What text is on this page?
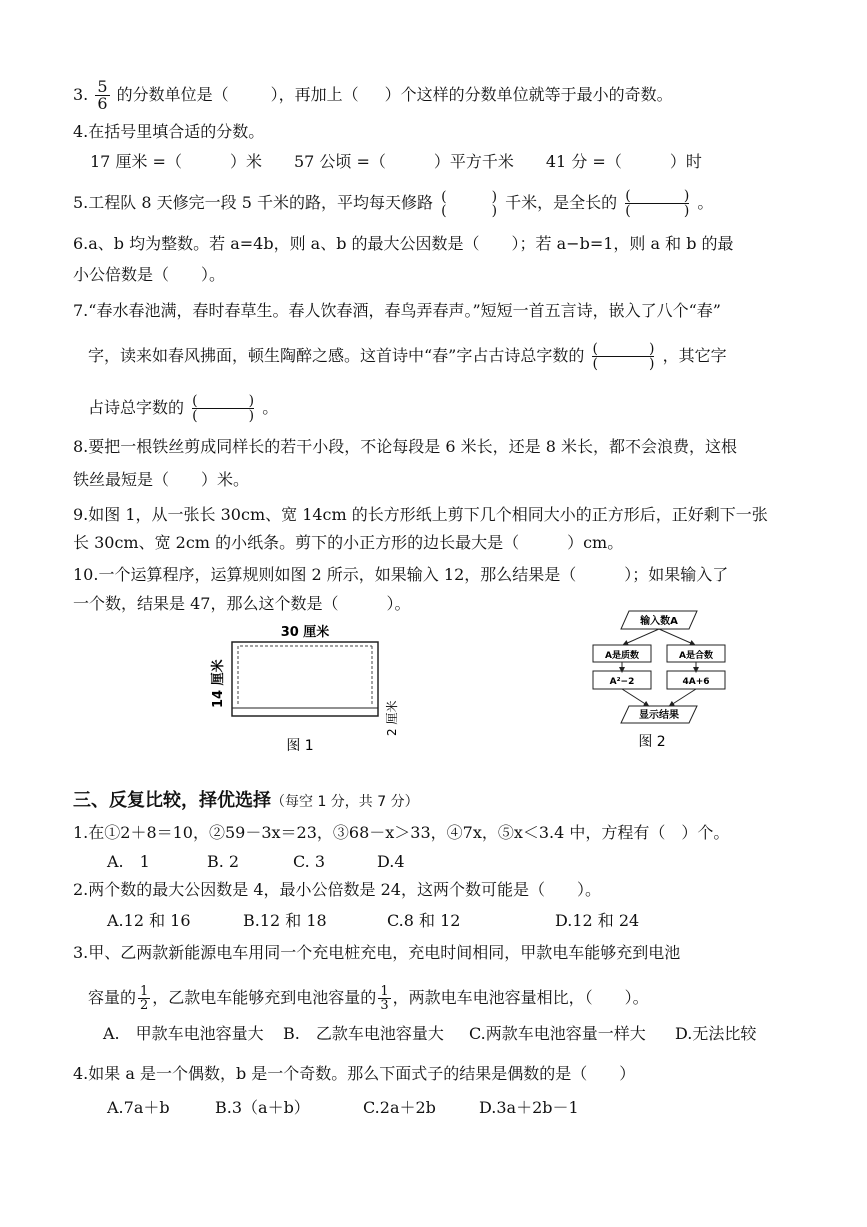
3. $\frac{5}{6}$ 的分数单位是（	），再加上（ ）个这样的分数单位就等于最小的奇数。
4.在括号里填合适的分数。
17 厘米 =（　　　）米　　57 公顷 =（　　　）平方千米　　41 分 =（　　　）时
5.工程队 8 天修完一段 5 千米的路，平均每天修路 (	)
(	) 千米，是全长的 (	)
(	) 。
6.a、b 均为整数。若 a=4b，则 a、b 的最大公因数是（　　）；若 a−b=1，则 a 和 b 的最
小公倍数是（　　）。
7.“春水春池满，春时春草生。春人饮春酒，春鸟弄春声。”短短一首五言诗，嵌入了八个“春”
字，读来如春风拂面，顿生陶醉之感。这首诗中“春”字占古诗总字数的 (	)
(	) ，其它字
占诗总字数的 (	)
(	) 。
8.要把一根铁丝剪成同样长的若干小段，不论每段是 6 米长，还是 8 米长，都不会浪费，这根
铁丝最短是（　　）米。
9.如图 1，从一张长 30cm、宽 14cm 的长方形纸上剪下几个相同大小的正方形后，正好剩下一张
长 30cm、宽 2cm 的小纸条。剪下的小正方形的边长最大是（　　　）cm。
10.一个运算程序，运算规则如图 2 所示，如果输入 12，那么结果是（　　　）；如果输入了
一个数，结果是 47，那么这个数是（　　　）。
30 厘米
14 厘米
2 厘米
图 1
输入数A
A是质数	A是合数
A²−2	4A+6
显示结果
图 2
三、反复比较，择优选择（每空 1 分，共 7 分）
1.在①2＋8＝10，②59－3x＝23，③68－x＞33，④7x，⑤x＜3.4 中，方程有（　）个。
A.　1	B. 2	C. 3	D.4
2.两个数的最大公因数是 4，最小公倍数是 24，这两个数可能是（　　）。
A.12 和 16	B.12 和 18	C.8 和 12	D.12 和 24
3.甲、乙两款新能源电车用同一个充电桩充电，充电时间相同，甲款电车能够充到电池
容量的 $\frac{1}{2}$ ，乙款电车能够充到电池容量的 $\frac{1}{3}$ ，两款电车电池容量相比，（　　）。
A.　甲款车电池容量大 B.　乙款车电池容量大 C.两款车电池容量一样大 D.无法比较
4.如果 a 是一个偶数，b 是一个奇数。那么下面式子的结果是偶数的是（　　）
A.7a＋b	B.3（a＋b）	C.2a＋2b	D.3a＋2b－1
